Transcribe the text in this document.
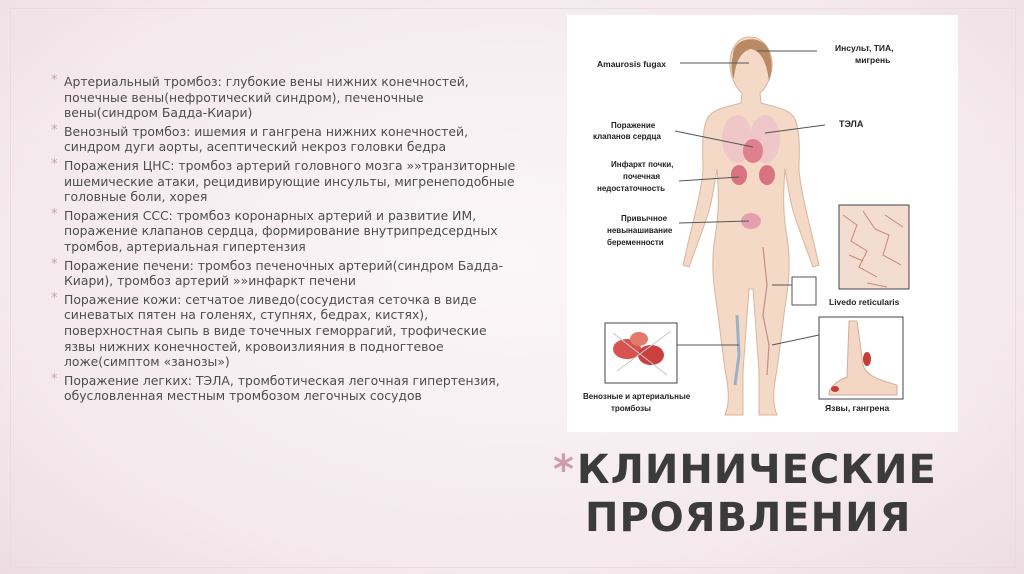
* Артериальный тромбоз: глубокие вены нижних конечностей, почечные вены(нефротический синдром), печеночные вены(синдром Бадда-Киари)
* Венозный тромбоз: ишемия и гангрена нижних конечностей, синдром дуги аорты, асептический некроз головки бедра
* Поражения ЦНС: тромбоз артерий головного мозга »»транзиторные ишемические атаки, рецидивирующие инсульты, мигренеподобные головные боли, хорея
* Поражения ССС: тромбоз коронарных артерий и развитие ИМ, поражение клапанов сердца, формирование внутрипредсердных тромбов, артериальная гипертензия
* Поражение печени: тромбоз печеночных артерий(синдром Бадда-Киари), тромбоз артерий »»инфаркт печени
* Поражение кожи: сетчатое ливедо(сосудистая сеточка в виде синеватых пятен на голенях, ступнях, бедрах, кистях), поверхностная сыпь в виде точечных геморрагий, трофические язвы нижних конечностей, кровоизлияния в подногтевое ложе(симптом «занозы»)
* Поражение легких: ТЭЛА, тромботическая легочная гипертензия, обусловленная местным тромбозом легочных сосудов
Amaurosis fugax
Инсульт, ТИА,
мигрень
Поражение
клапанов сердца
ТЭЛА
Инфаркт почки,
почечная
недостаточность
Привычное
невынашивание
беременности
Livedo reticularis
Венозные и артериальные
тромбозы	Язвы, гангрена
*КЛИНИЧЕСКИЕ
ПРОЯВЛЕНИЯ
